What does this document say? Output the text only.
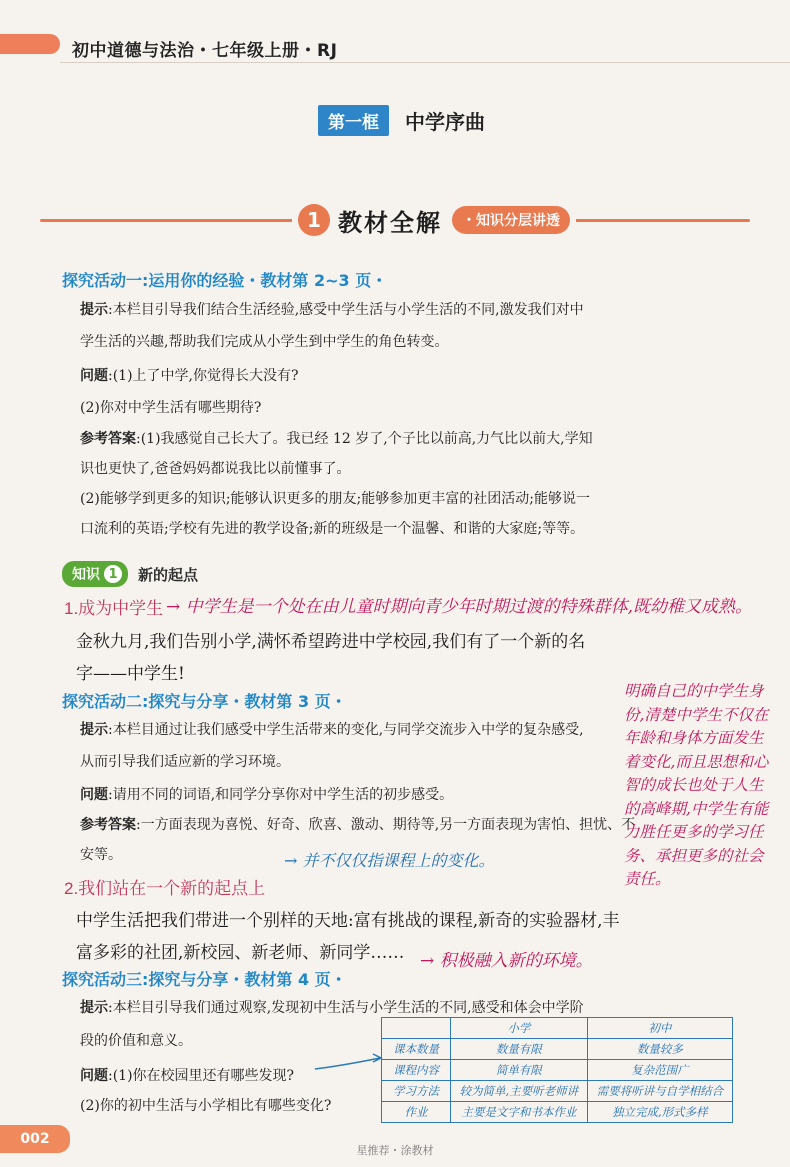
初中道德与法治・七年级上册・RJ
第一框	中学序曲
1 教材全解	・知识分层讲透
探究活动一:运用你的经验・教材第 2~3 页・
提示:本栏目引导我们结合生活经验,感受中学生活与小学生活的不同,激发我们对中
学生活的兴趣,帮助我们完成从小学生到中学生的角色转变。
问题:(1)上了中学,你觉得长大没有?
(2)你对中学生活有哪些期待?
参考答案:(1)我感觉自己长大了。我已经 12 岁了,个子比以前高,力气比以前大,学知
识也更快了,爸爸妈妈都说我比以前懂事了。
(2)能够学到更多的知识;能够认识更多的朋友;能够参加更丰富的社团活动;能够说一
口流利的英语;学校有先进的教学设备;新的班级是一个温馨、和谐的大家庭;等等。
知识 1 新的起点
1.成为中学生 → 中学生是一个处在由儿童时期向青少年时期过渡的特殊群体,既幼稚又成熟。
金秋九月,我们告别小学,满怀希望跨进中学校园,我们有了一个新的名
字——中学生!
探究活动二:探究与分享・教材第 3 页・
提示:本栏目通过让我们感受中学生活带来的变化,与同学交流步入中学的复杂感受,
从而引导我们适应新的学习环境。
问题:请用不同的词语,和同学分享你对中学生活的初步感受。
参考答案:一方面表现为喜悦、好奇、欣喜、激动、期待等,另一方面表现为害怕、担忧、不
安等。	→ 并不仅仅指课程上的变化。
2.我们站在一个新的起点上
中学生活把我们带进一个别样的天地:富有挑战的课程,新奇的实验器材,丰
富多彩的社团,新校园、新老师、新同学…… → 积极融入新的环境。
探究活动三:探究与分享・教材第 4 页・
提示:本栏目引导我们通过观察,发现初中生活与小学生活的不同,感受和体会中学阶
段的价值和意义。
问题:(1)你在校园里还有哪些发现?
(2)你的初中生活与小学相比有哪些变化?
明确自己的中学生身份,清楚中学生不仅在年龄和身体方面发生着变化,而且思想和心智的成长也处于人生的高峰期,中学生有能力胜任更多的学习任务、承担更多的社会责任。
	小学	初中
课本数量	数量有限	数量较多
课程内容	简单有限	复杂范围广
学习方法	较为简单,主要听老师讲	需要将听讲与自学相结合
作业	主要是文字和书本作业	独立完成,形式多样
002
星推荐・涂教材
